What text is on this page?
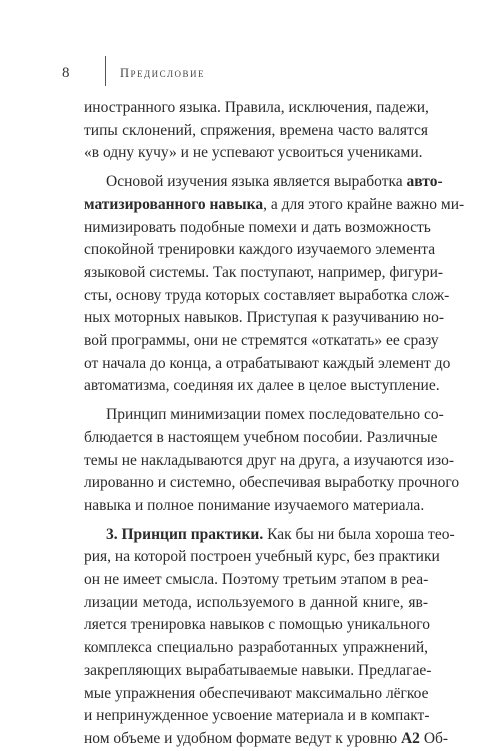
8	Предисловие

иностранного языка. Правила, исключения, падежи,
типы склонений, спряжения, времена часто валятся
«в одну кучу» и не успевают усвоиться учениками.

Основой изучения языка является выработка авто-
матизированного навыка, а для этого крайне важно ми-
нимизировать подобные помехи и дать возможность
спокойной тренировки каждого изучаемого элемента
языковой системы. Так поступают, например, фигури-
сты, основу труда которых составляет выработка слож-
ных моторных навыков. Приступая к разучиванию но-
вой программы, они не стремятся «откатать» ее сразу
от начала до конца, а отрабатывают каждый элемент до
автоматизма, соединяя их далее в целое выступление.

Принцип минимизации помех последовательно со-
блюдается в настоящем учебном пособии. Различные
темы не накладываются друг на друга, а изучаются изо-
лированно и системно, обеспечивая выработку прочного
навыка и полное понимание изучаемого материала.

3. Принцип практики. Как бы ни была хороша тео-
рия, на которой построен учебный курс, без практики
он не имеет смысла. Поэтому третьим этапом в реа-
лизации метода, используемого в данной книге, яв-
ляется тренировка навыков с помощью уникального
комплекса специально разработанных упражнений,
закрепляющих вырабатываемые навыки. Предлагае-
мые упражнения обеспечивают максимально лёгкое
и непринужденное усвоение материала и в компакт-
ном объеме и удобном формате ведут к уровню А2 Об-
